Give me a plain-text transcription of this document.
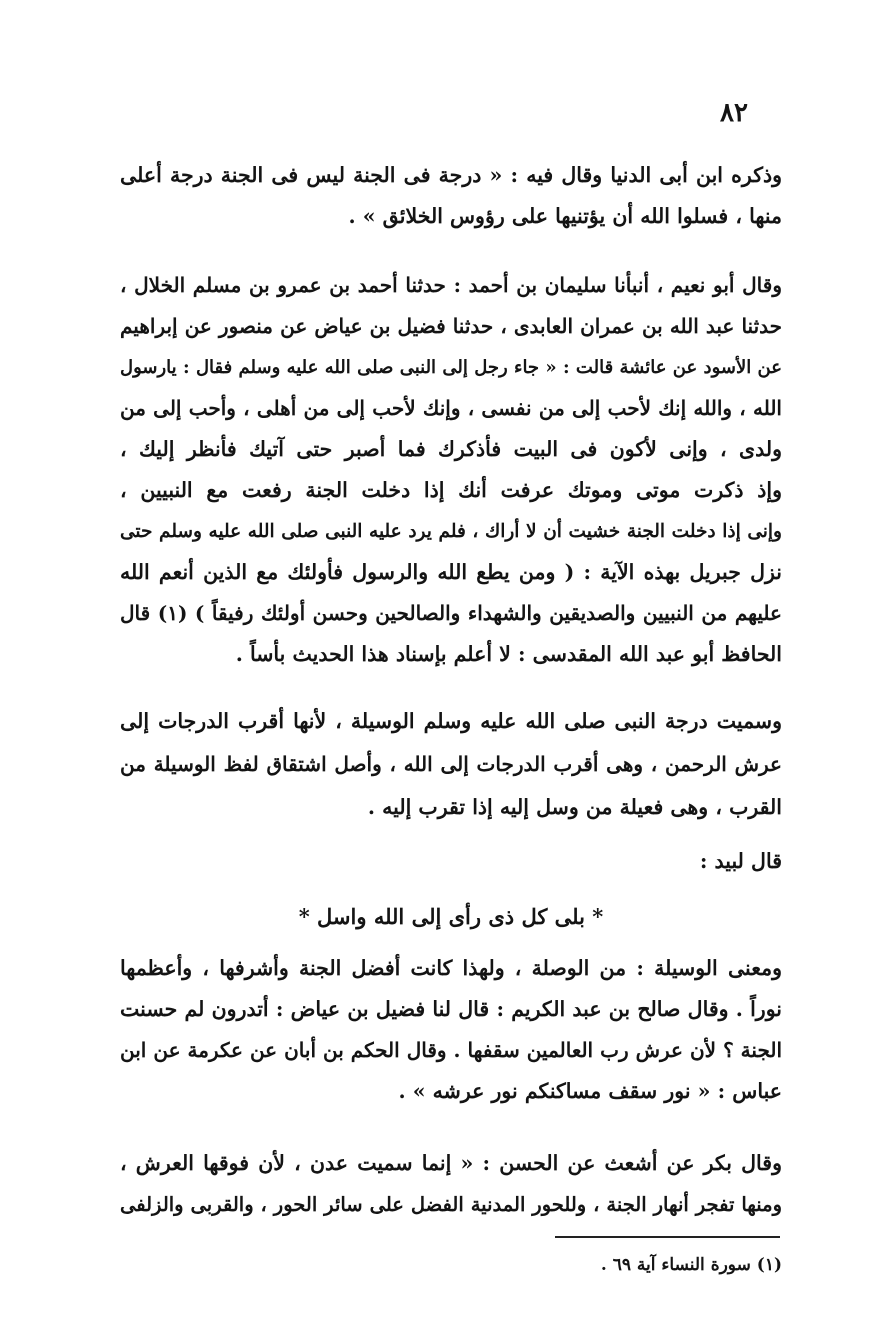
٨٢
وذكره ابن أبى الدنيا وقال فيه : « درجة فى الجنة ليس فى الجنة درجة أعلى
منها ، فسلوا الله أن يؤتنيها على رؤوس الخلائق » .
وقال أبو نعيم ، أنبأنا سليمان بن أحمد : حدثنا أحمد بن عمرو بن مسلم الخلال ،
حدثنا عبد الله بن عمران العابدى ، حدثنا فضيل بن عياض عن منصور عن إبراهيم
عن الأسود عن عائشة قالت : « جاء رجل إلى النبى صلى الله عليه وسلم فقال : يارسول
الله ، والله إنك لأحب إلى من نفسى ، وإنك لأحب إلى من أهلى ، وأحب إلى من
ولدى ، وإنى لأكون فى البيت فأذكرك فما أصبر حتى آتيك فأنظر إليك ،
وإذ ذكرت موتى وموتك عرفت أنك إذا دخلت الجنة رفعت مع النبيين ،
وإنى إذا دخلت الجنة خشيت أن لا أراك ، فلم يرد عليه النبى صلى الله عليه وسلم حتى
نزل جبريل بهذه الآية : ( ومن يطع الله والرسول فأولئك مع الذين أنعم الله
عليهم من النبيين والصديقين والشهداء والصالحين وحسن أولئك رفيقاً ) (١) قال
الحافظ أبو عبد الله المقدسى : لا أعلم بإسناد هذا الحديث بأساً .
وسميت درجة النبى صلى الله عليه وسلم الوسيلة ، لأنها أقرب الدرجات إلى
عرش الرحمن ، وهى أقرب الدرجات إلى الله ، وأصل اشتقاق لفظ الوسيلة من
القرب ، وهى فعيلة من وسل إليه إذا تقرب إليه .
قال لبيد :
* بلى كل ذى رأى إلى الله واسل *
ومعنى الوسيلة : من الوصلة ، ولهذا كانت أفضل الجنة وأشرفها ، وأعظمها
نوراً . وقال صالح بن عبد الكريم : قال لنا فضيل بن عياض : أتدرون لم حسنت
الجنة ؟ لأن عرش رب العالمين سقفها . وقال الحكم بن أبان عن عكرمة عن ابن
عباس : « نور سقف مساكنكم نور عرشه » .
وقال بكر عن أشعث عن الحسن : « إنما سميت عدن ، لأن فوقها العرش ،
ومنها تفجر أنهار الجنة ، وللحور المدنية الفضل على سائر الحور ، والقربى والزلفى
(١) سورة النساء آية ٦٩ .
